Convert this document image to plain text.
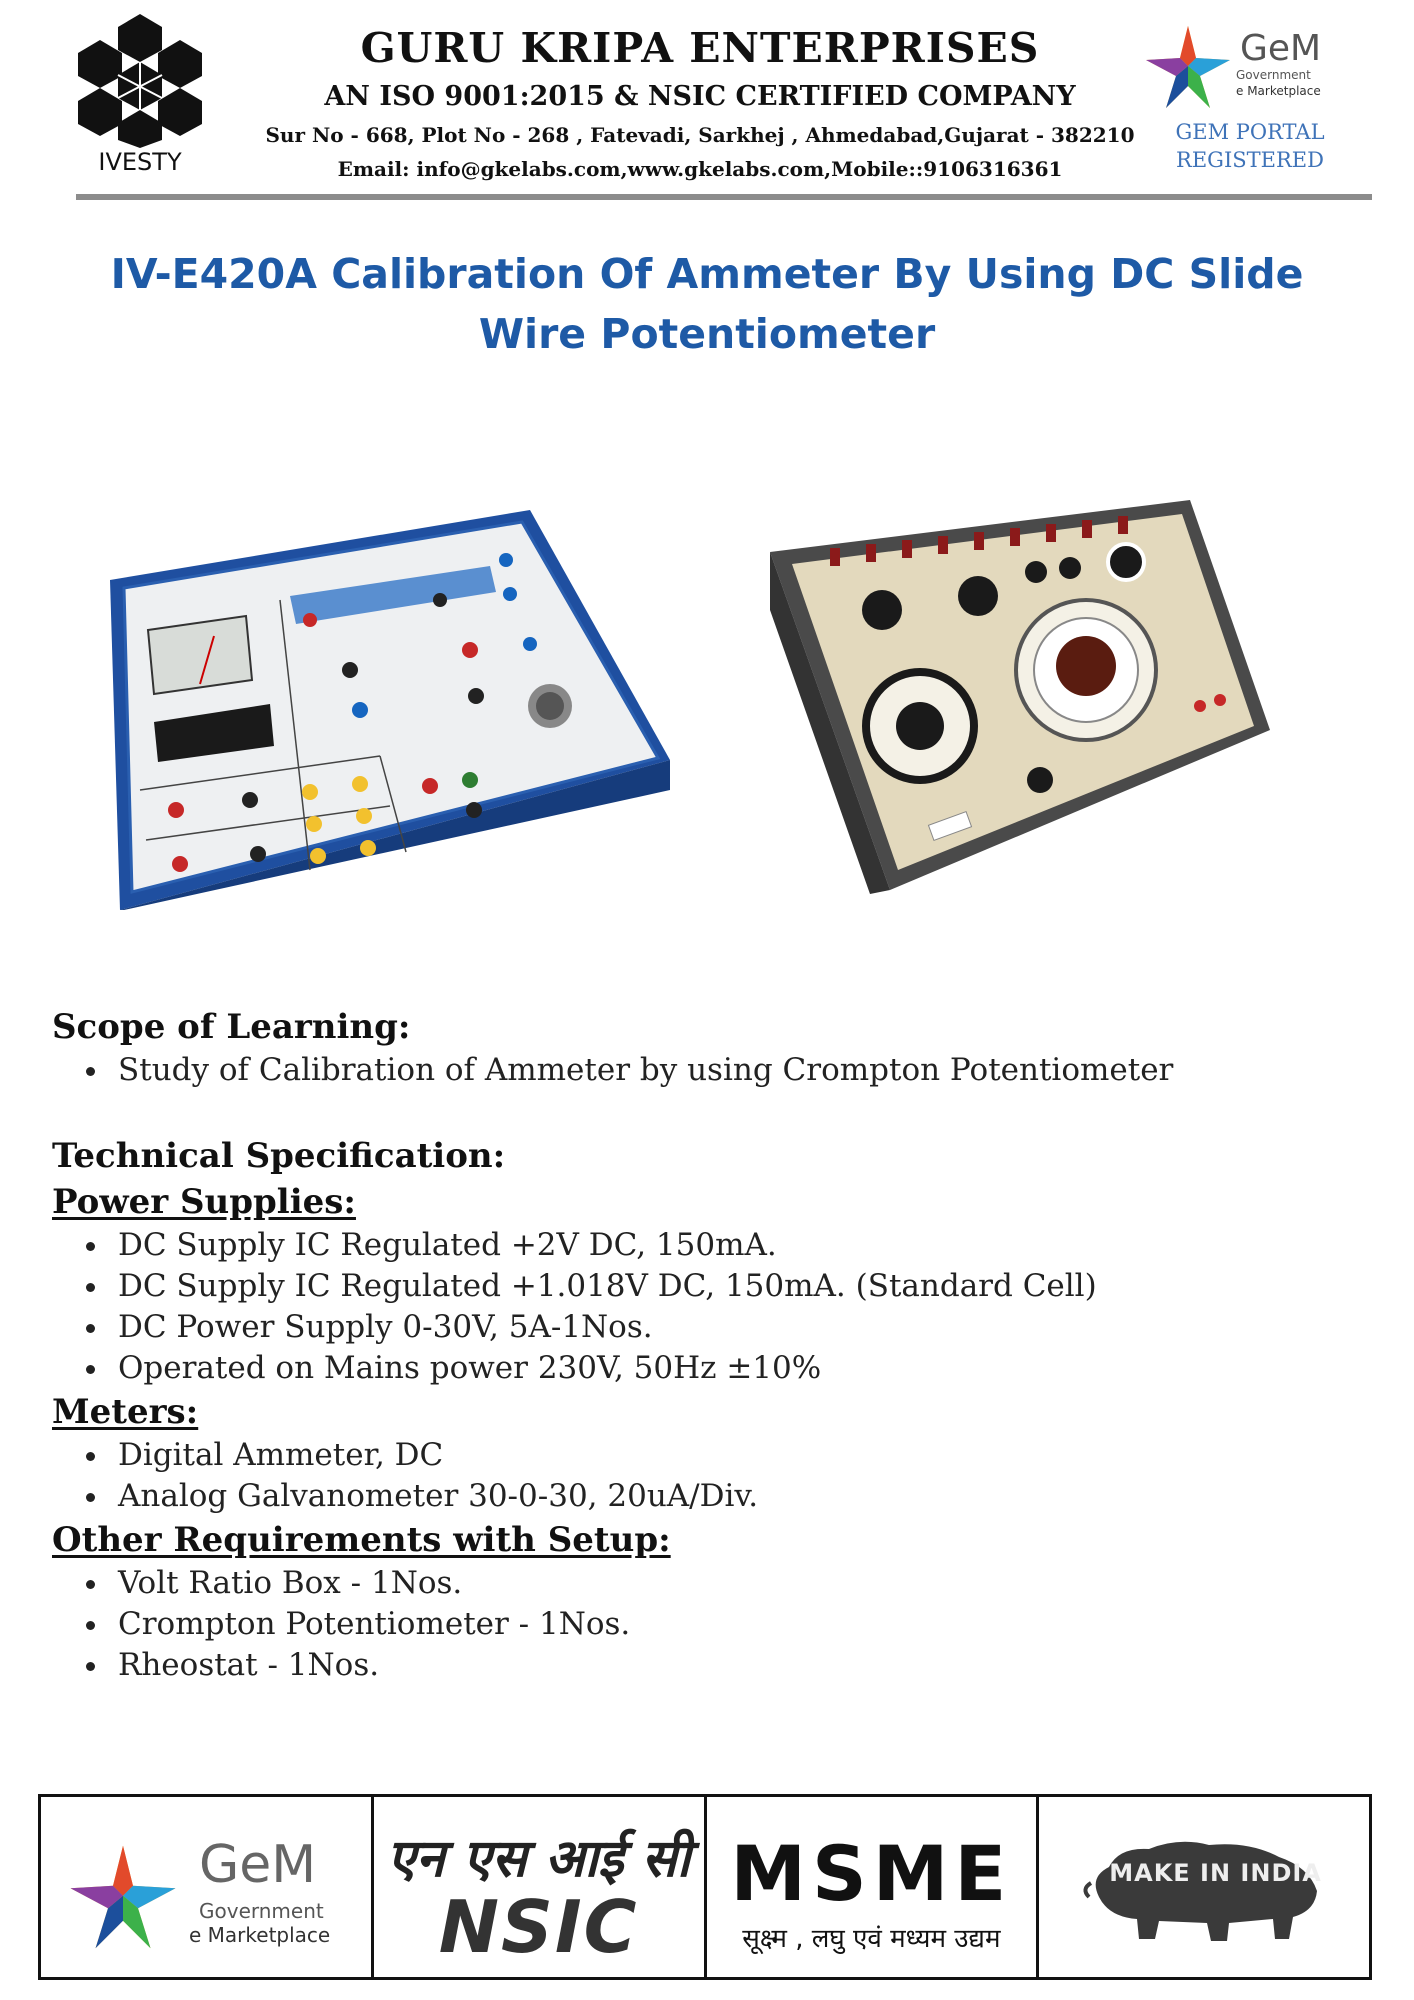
IVESTY
GURU KRIPA ENTERPRISES
AN ISO 9001:2015 & NSIC CERTIFIED COMPANY
Sur No - 668, Plot No - 268 , Fatevadi, Sarkhej , Ahmedabad,Gujarat - 382210
Email: info@gkelabs.com,www.gkelabs.com,Mobile::9106316361
GeM
Government
e Marketplace
GEM PORTAL
REGISTERED
IV-E420A Calibration Of Ammeter By Using DC Slide
Wire Potentiometer
Scope of Learning:
Study of Calibration of Ammeter by using Crompton Potentiometer
Technical Specification:
Power Supplies:
DC Supply IC Regulated +2V DC, 150mA.
DC Supply IC Regulated +1.018V DC, 150mA. (Standard Cell)
DC Power Supply 0-30V, 5A-1Nos.
Operated on Mains power 230V, 50Hz ±10%
Meters:
Digital Ammeter, DC
Analog Galvanometer 30-0-30, 20uA/Div.
Other Requirements with Setup:
Volt Ratio Box - 1Nos.
Crompton Potentiometer - 1Nos.
Rheostat - 1Nos.
GeM
Government
e Marketplace
एन एस आई सी
NSIC
MSME
सूक्ष्म , लघु एवं मध्यम उद्यम
MAKE IN INDIA
